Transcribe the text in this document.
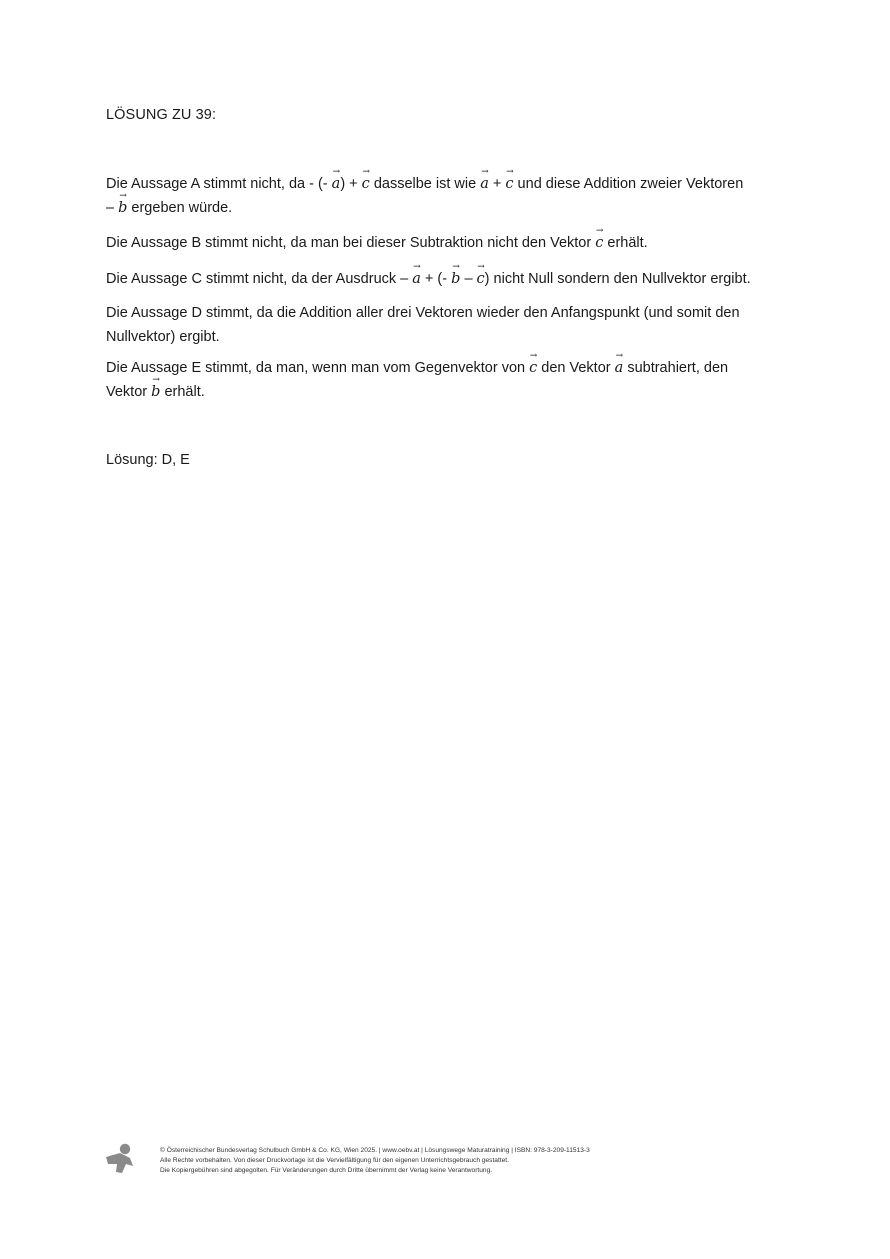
LÖSUNG ZU 39:
Die Aussage A stimmt nicht, da - (- → a) + → c dasselbe ist wie → a + → c und diese Addition zweier Vektoren
– → b ergeben würde.
Die Aussage B stimmt nicht, da man bei dieser Subtraktion nicht den Vektor → c erhält.
Die Aussage C stimmt nicht, da der Ausdruck – → a + (- → b – → c) nicht Null sondern den Nullvektor ergibt.
Die Aussage D stimmt, da die Addition aller drei Vektoren wieder den Anfangspunkt (und somit den Nullvektor) ergibt.
Die Aussage E stimmt, da man, wenn man vom Gegenvektor von → c den Vektor → a subtrahiert, den
Vektor → b erhält.
Lösung: D, E
© Österreichischer Bundesverlag Schulbuch GmbH & Co. KG, Wien 2025. | www.oebv.at | Lösungswege Maturatraining | ISBN: 978-3-209-11513-3
Alle Rechte vorbehalten. Von dieser Druckvorlage ist die Vervielfältigung für den eigenen Unterrichtsgebrauch gestattet.
Die Kopiergebühren sind abgegolten. Für Veränderungen durch Dritte übernimmt der Verlag keine Verantwortung.
